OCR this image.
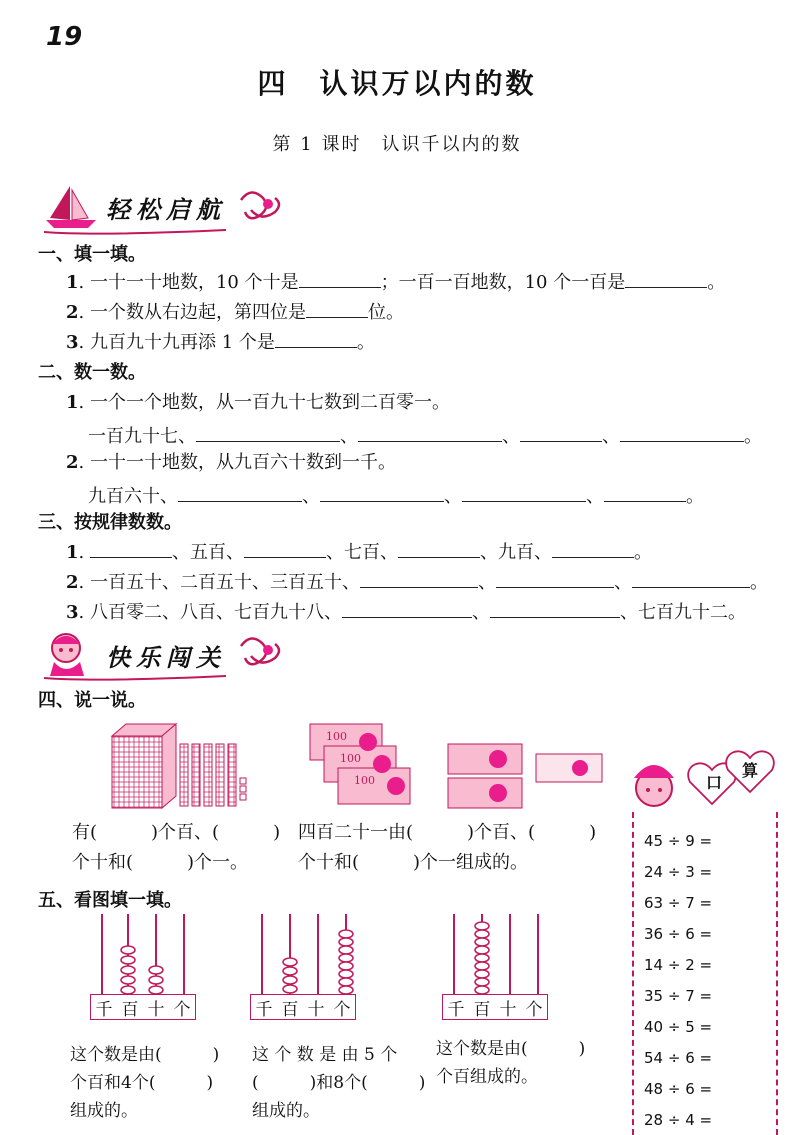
19
四　认识万以内的数
第 1 课时　认识千以内的数
轻松启航
一、填一填。
1. 一十一十地数，10 个十是	；一百一百地数，10 个一百是	。
2. 一个数从右边起，第四位是	位。
3. 九百九十九再添 1 个是	。
二、数一数。
1. 一个一个地数，从一百九十七数到二百零一。
一百九十七、	、	、	、	。
2. 一十一十地数，从九百六十数到一千。
九百六十、	、	、	、	。
三、按规律数数。
1.	、五百、	、七百、	、九百、	。
2. 一百五十、二百五十、三百五十、	、	、	。
3. 八百零二、八百、七百九十八、	、	、七百九十二。
快乐闯关
四、说一说。
100
100
100
有(　　　)个百、(　　　)
个十和(　　　)个一。
四百二十一由(　　　)个百、(　　　)
个十和(　　　)个一组成的。
五、看图填一填。
千 百 十 个	千 百 十 个	千 百 十 个
这个数是由(　　　)
个百和4个(　　　)
组成的。
这 个 数 是 由 5 个
(　　　)和8个(　　　)
组成的。
这个数是由(　　　)
个百组成的。
口
算
45 ÷ 9 =
24 ÷ 3 =
63 ÷ 7 =
36 ÷ 6 =
14 ÷ 2 =
35 ÷ 7 =
40 ÷ 5 =
54 ÷ 6 =
48 ÷ 6 =
28 ÷ 4 =
